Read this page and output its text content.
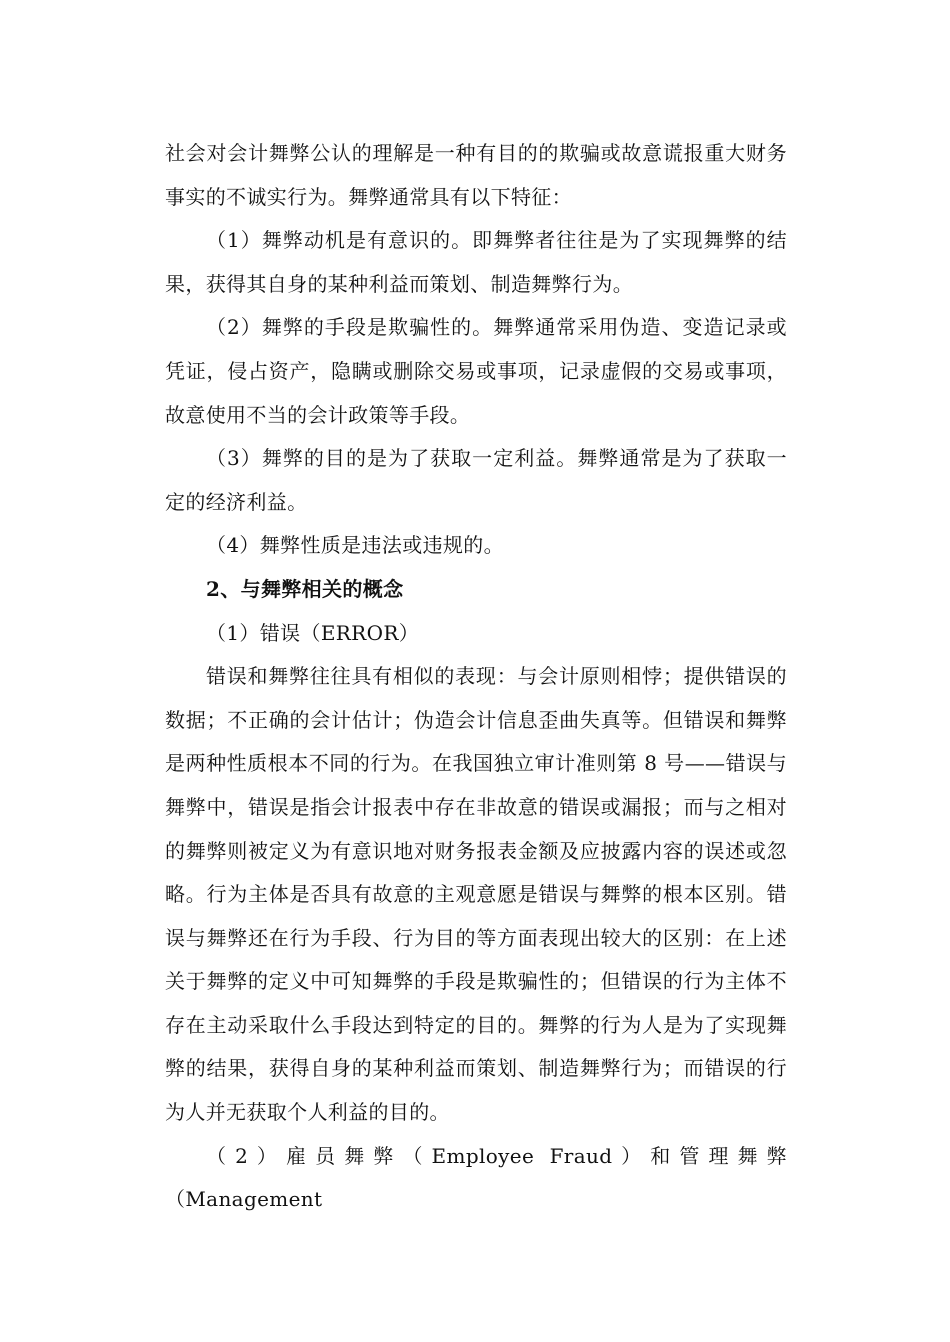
社会对会计舞弊公认的理解是一种有目的的欺骗或故意谎报重大财务事实的不诚实行为。舞弊通常具有以下特征：

（1）舞弊动机是有意识的。即舞弊者往往是为了实现舞弊的结果，获得其自身的某种利益而策划、制造舞弊行为。

（2）舞弊的手段是欺骗性的。舞弊通常采用伪造、变造记录或凭证，侵占资产，隐瞒或删除交易或事项，记录虚假的交易或事项，故意使用不当的会计政策等手段。

（3）舞弊的目的是为了获取一定利益。舞弊通常是为了获取一定的经济利益。

（4）舞弊性质是违法或违规的。

2、与舞弊相关的概念

（1）错误（ERROR）

错误和舞弊往往具有相似的表现：与会计原则相悖；提供错误的数据；不正确的会计估计；伪造会计信息歪曲失真等。但错误和舞弊是两种性质根本不同的行为。在我国独立审计准则第 8 号——错误与舞弊中，错误是指会计报表中存在非故意的错误或漏报；而与之相对的舞弊则被定义为有意识地对财务报表金额及应披露内容的误述或忽略。行为主体是否具有故意的主观意愿是错误与舞弊的根本区别。错误与舞弊还在行为手段、行为目的等方面表现出较大的区别：在上述关于舞弊的定义中可知舞弊的手段是欺骗性的；但错误的行为主体不存在主动采取什么手段达到特定的目的。舞弊的行为人是为了实现舞弊的结果，获得自身的某种利益而策划、制造舞弊行为；而错误的行为人并无获取个人利益的目的。

（2）雇员舞弊（Employee Fraud）和管理舞弊（Management
